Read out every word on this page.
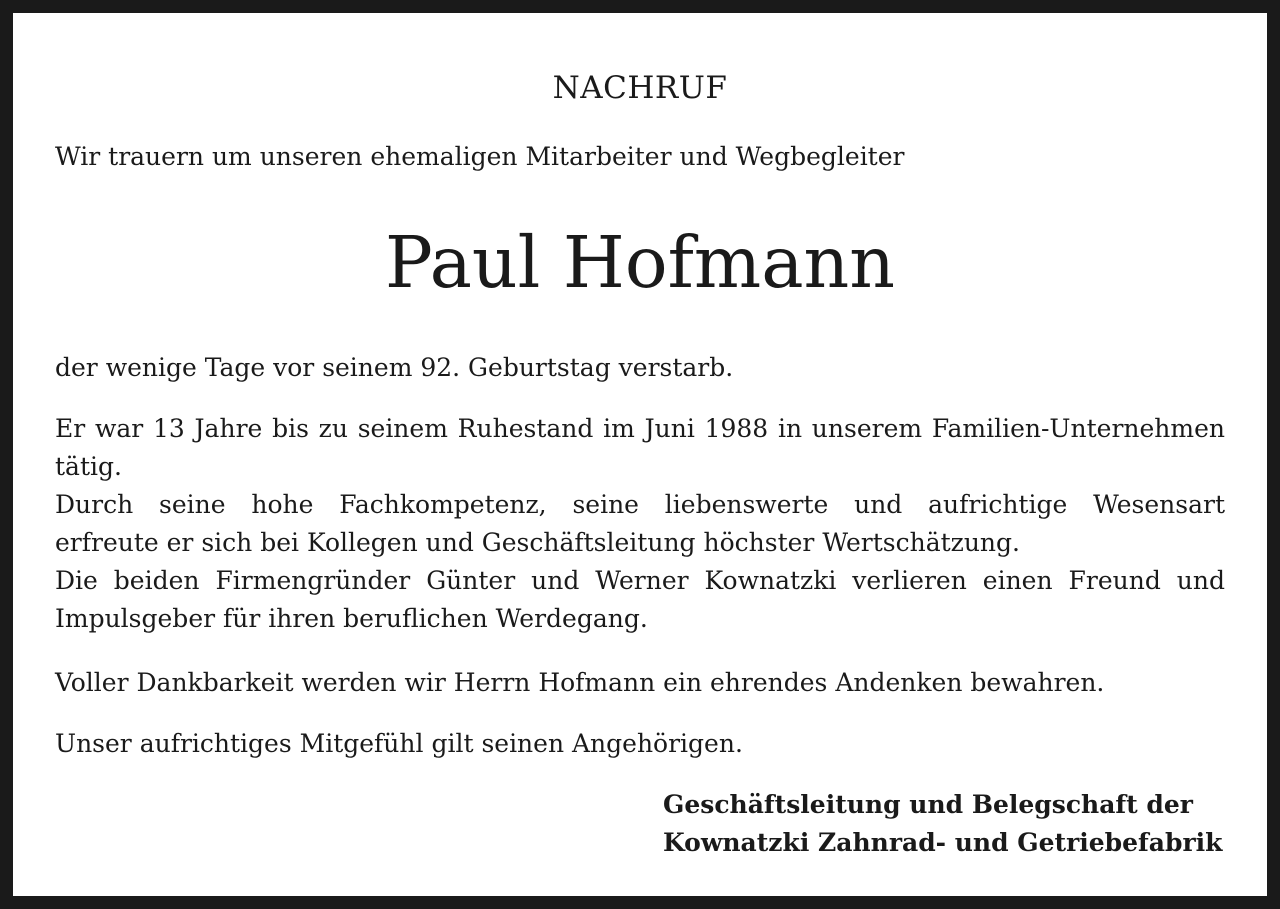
NACHRUF
Wir trauern um unseren ehemaligen Mitarbeiter und Wegbegleiter
Paul Hofmann
der wenige Tage vor seinem 92. Geburtstag verstarb.
Er war 13 Jahre bis zu seinem Ruhestand im Juni 1988 in unserem Familien-Unternehmen
tätig.
Durch seine hohe Fachkompetenz, seine liebenswerte und aufrichtige Wesensart
erfreute er sich bei Kollegen und Geschäftsleitung höchster Wertschätzung.
Die beiden Firmengründer Günter und Werner Kownatzki verlieren einen Freund und
Impulsgeber für ihren beruflichen Werdegang.
Voller Dankbarkeit werden wir Herrn Hofmann ein ehrendes Andenken bewahren.
Unser aufrichtiges Mitgefühl gilt seinen Angehörigen.
Geschäftsleitung und Belegschaft der
Kownatzki Zahnrad- und Getriebefabrik
